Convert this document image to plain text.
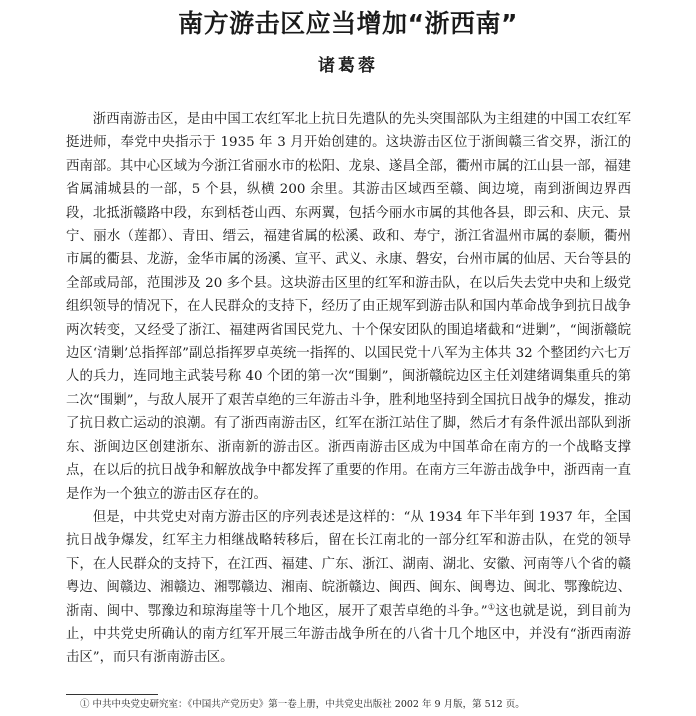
南方游击区应当增加“浙西南”
诸葛蓉

浙西南游击区，是由中国工农红军北上抗日先遣队的先头突围部队为主组建的中国工农红军挺进师，奉党中央指示于 1935 年 3 月开始创建的。这块游击区位于浙闽赣三省交界，浙江的西南部。其中心区域为今浙江省丽水市的松阳、龙泉、遂昌全部，衢州市属的江山县一部，福建省属浦城县的一部，5 个县，纵横 200 余里。其游击区域西至赣、闽边境，南到浙闽边界西段，北抵浙赣路中段，东到栝苍山西、东两翼，包括今丽水市属的其他各县，即云和、庆元、景宁、丽水（莲都）、青田、缙云，福建省属的松溪、政和、寿宁，浙江省温州市属的泰顺，衢州市属的衢县、龙游，金华市属的汤溪、宣平、武义、永康、磐安，台州市属的仙居、天台等县的全部或局部，范围涉及 20 多个县。这块游击区里的红军和游击队，在以后失去党中央和上级党组织领导的情况下，在人民群众的支持下，经历了由正规军到游击队和国内革命战争到抗日战争两次转变，又经受了浙江、福建两省国民党九、十个保安团队的围追堵截和“进剿”，“闽浙赣皖边区‘清剿’总指挥部”副总指挥罗卓英统一指挥的、以国民党十八军为主体共 32 个整团约六七万人的兵力，连同地主武装号称 40 个团的第一次“围剿”，闽浙赣皖边区主任刘建绪调集重兵的第二次“围剿”，与敌人展开了艰苦卓绝的三年游击斗争，胜利地坚持到全国抗日战争的爆发，推动了抗日救亡运动的浪潮。有了浙西南游击区，红军在浙江站住了脚，然后才有条件派出部队到浙东、浙闽边区创建浙东、浙南新的游击区。浙西南游击区成为中国革命在南方的一个战略支撑点，在以后的抗日战争和解放战争中都发挥了重要的作用。在南方三年游击战争中，浙西南一直是作为一个独立的游击区存在的。

但是，中共党史对南方游击区的序列表述是这样的：“从 1934 年下半年到 1937 年，全国抗日战争爆发，红军主力相继战略转移后，留在长江南北的一部分红军和游击队，在党的领导下，在人民群众的支持下，在江西、福建、广东、浙江、湖南、湖北、安徽、河南等八个省的赣粤边、闽赣边、湘赣边、湘鄂赣边、湘南、皖浙赣边、闽西、闽东、闽粤边、闽北、鄂豫皖边、浙南、闽中、鄂豫边和琼海崖等十几个地区，展开了艰苦卓绝的斗争。”①这也就是说，到目前为止，中共党史所确认的南方红军开展三年游击战争所在的八省十几个地区中，并没有“浙西南游击区”，而只有浙南游击区。

① 中共中央党史研究室：《中国共产党历史》第一卷上册，中共党史出版社 2002 年 9 月版，第 512 页。
